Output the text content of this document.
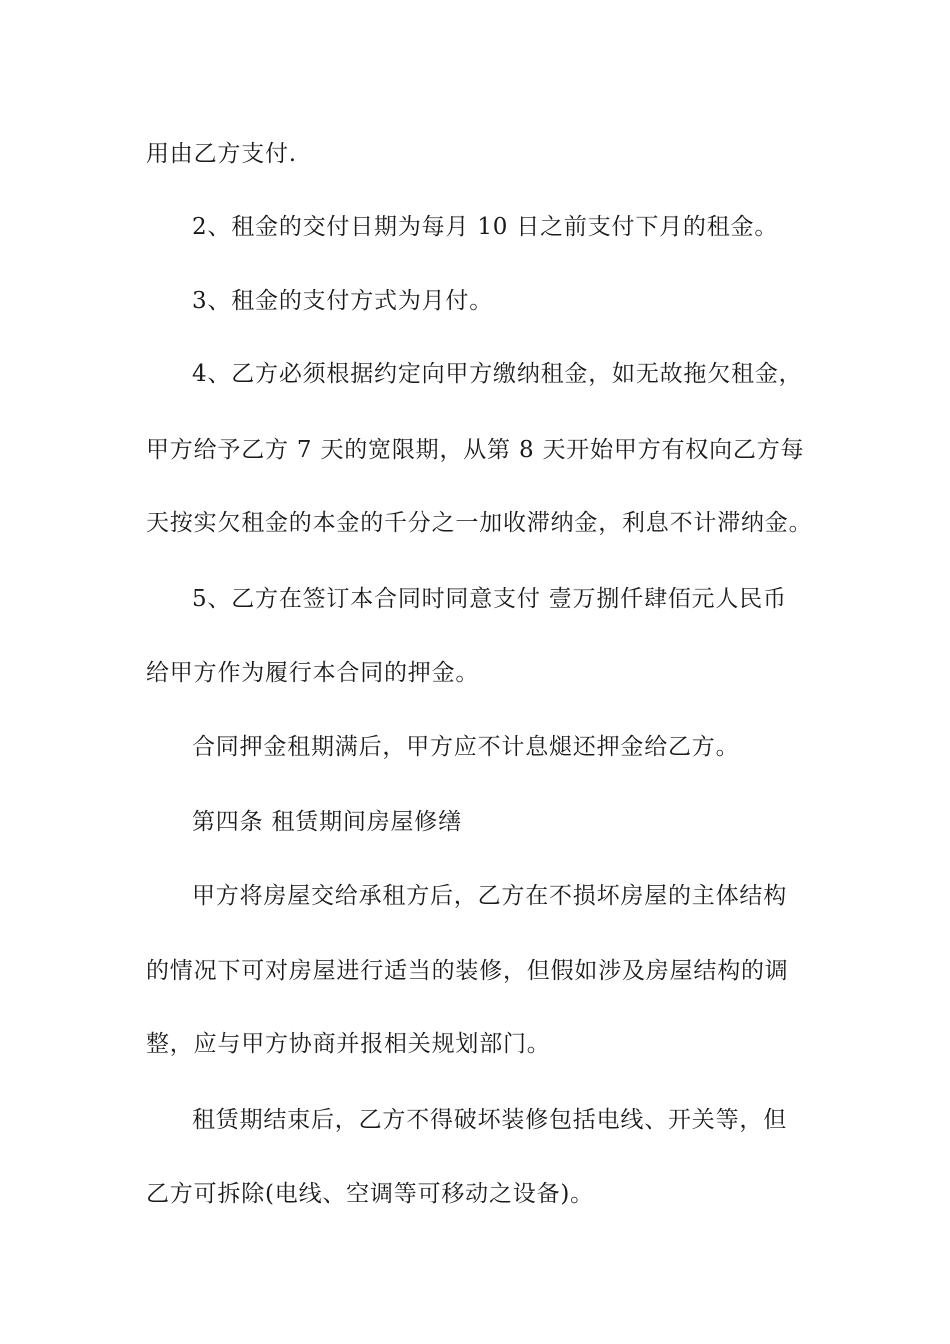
用由乙方支付.
2、租金的交付日期为每月 10 日之前支付下月的租金。
3、租金的支付方式为月付。
4、乙方必须根据约定向甲方缴纳租金，如无故拖欠租金，
甲方给予乙方 7 天的宽限期，从第 8 天开始甲方有权向乙方每
天按实欠租金的本金的千分之一加收滞纳金，利息不计滞纳金。
5、乙方在签订本合同时同意支付 壹万捌仟肆佰元人民币
给甲方作为履行本合同的押金。
合同押金租期满后，甲方应不计息煺还押金给乙方。
第四条 租赁期间房屋修缮
甲方将房屋交给承租方后，乙方在不损坏房屋的主体结构
的情况下可对房屋进行适当的装修，但假如涉及房屋结构的调
整，应与甲方协商并报相关规划部门。
租赁期结束后，乙方不得破坏装修包括电线、开关等，但
乙方可拆除(电线、空调等可移动之设备)。
